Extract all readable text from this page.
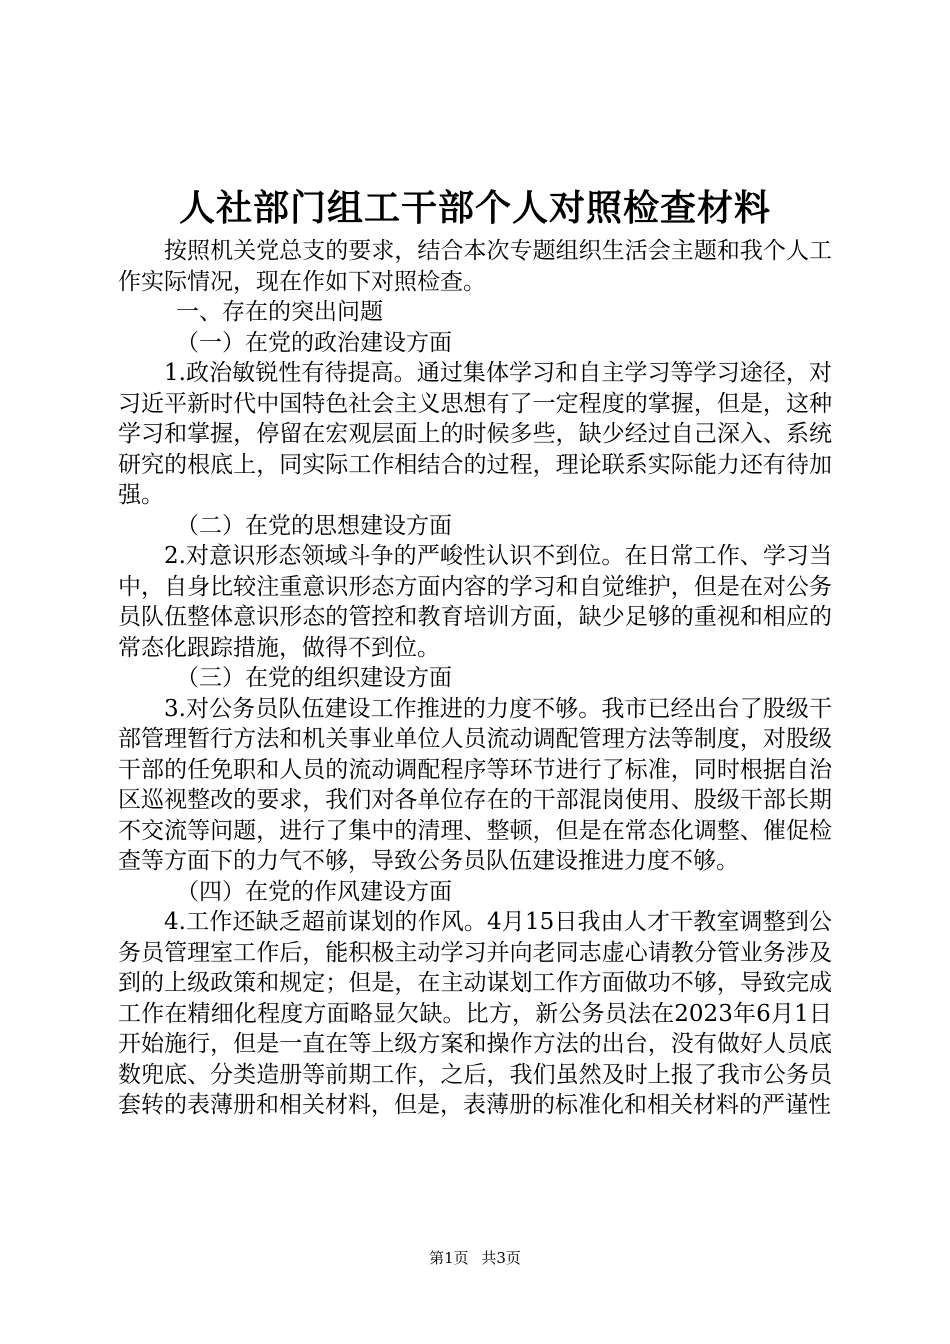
人社部门组工干部个人对照检查材料

按照机关党总支的要求，结合本次专题组织生活会主题和我个人工作实际情况，现在作如下对照检查。

一、存在的突出问题

（一）在党的政治建设方面

1.政治敏锐性有待提高。通过集体学习和自主学习等学习途径，对习近平新时代中国特色社会主义思想有了一定程度的掌握，但是，这种学习和掌握，停留在宏观层面上的时候多些，缺少经过自己深入、系统研究的根底上，同实际工作相结合的过程，理论联系实际能力还有待加强。

（二）在党的思想建设方面

2.对意识形态领域斗争的严峻性认识不到位。在日常工作、学习当中，自身比较注重意识形态方面内容的学习和自觉维护，但是在对公务员队伍整体意识形态的管控和教育培训方面，缺少足够的重视和相应的常态化跟踪措施，做得不到位。

（三）在党的组织建设方面

3.对公务员队伍建设工作推进的力度不够。我市已经出台了股级干部管理暂行方法和机关事业单位人员流动调配管理方法等制度，对股级干部的任免职和人员的流动调配程序等环节进行了标准，同时根据自治区巡视整改的要求，我们对各单位存在的干部混岗使用、股级干部长期不交流等问题，进行了集中的清理、整顿，但是在常态化调整、催促检查等方面下的力气不够，导致公务员队伍建设推进力度不够。

（四）在党的作风建设方面

4.工作还缺乏超前谋划的作风。4月15日我由人才干教室调整到公务员管理室工作后，能积极主动学习并向老同志虚心请教分管业务涉及到的上级政策和规定；但是，在主动谋划工作方面做功不够，导致完成工作在精细化程度方面略显欠缺。比方，新公务员法在2023年6月1日开始施行，但是一直在等上级方案和操作方法的出台，没有做好人员底数兜底、分类造册等前期工作，之后，我们虽然及时上报了我市公务员套转的表薄册和相关材料，但是，表薄册的标准化和相关材料的严谨性

第1页 共3页
